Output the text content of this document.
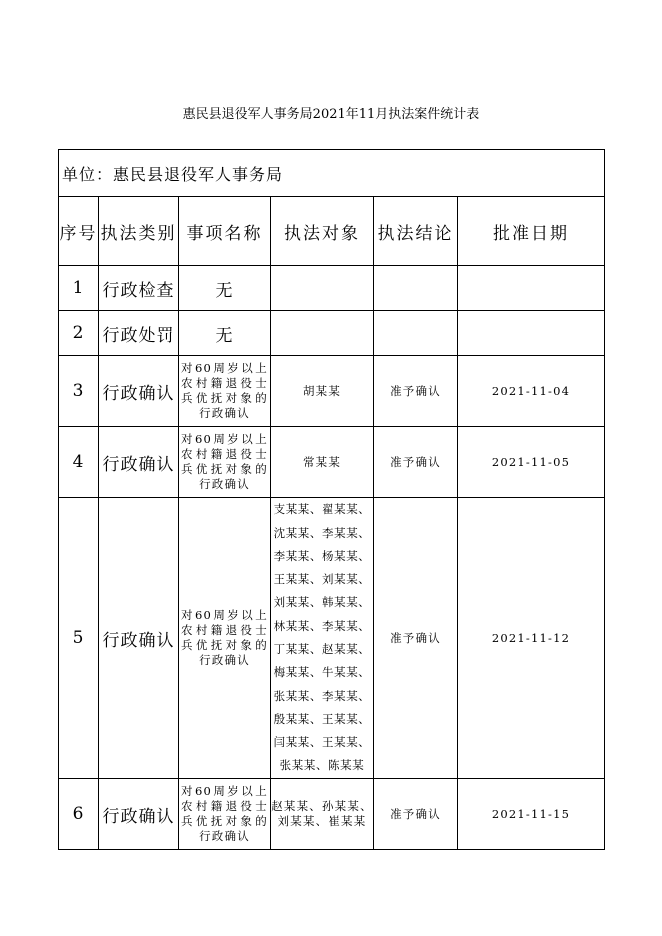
惠民县退役军人事务局2021年11月执法案件统计表
单位：惠民县退役军人事务局					
序号	执法类别	事项名称	执法对象	执法结论	批准日期
1	行政检查	无			
2	行政处罚	无			
3	行政确认	对60周岁以上农村籍退役士兵优抚对象的行政确认	胡某某	准予确认	2021-11-04
4	行政确认	对60周岁以上农村籍退役士兵优抚对象的行政确认	常某某	准予确认	2021-11-05
5	行政确认	对60周岁以上农村籍退役士兵优抚对象的行政确认	支某某、翟某某、沈某某、李某某、李某某、杨某某、王某某、刘某某、刘某某、韩某某、林某某、李某某、丁某某、赵某某、梅某某、牛某某、张某某、李某某、殷某某、王某某、闫某某、王某某、张某某、陈某某	准予确认	2021-11-12
6	行政确认	对60周岁以上农村籍退役士兵优抚对象的行政确认	赵某某、孙某某、刘某某、崔某某	准予确认	2021-11-15
